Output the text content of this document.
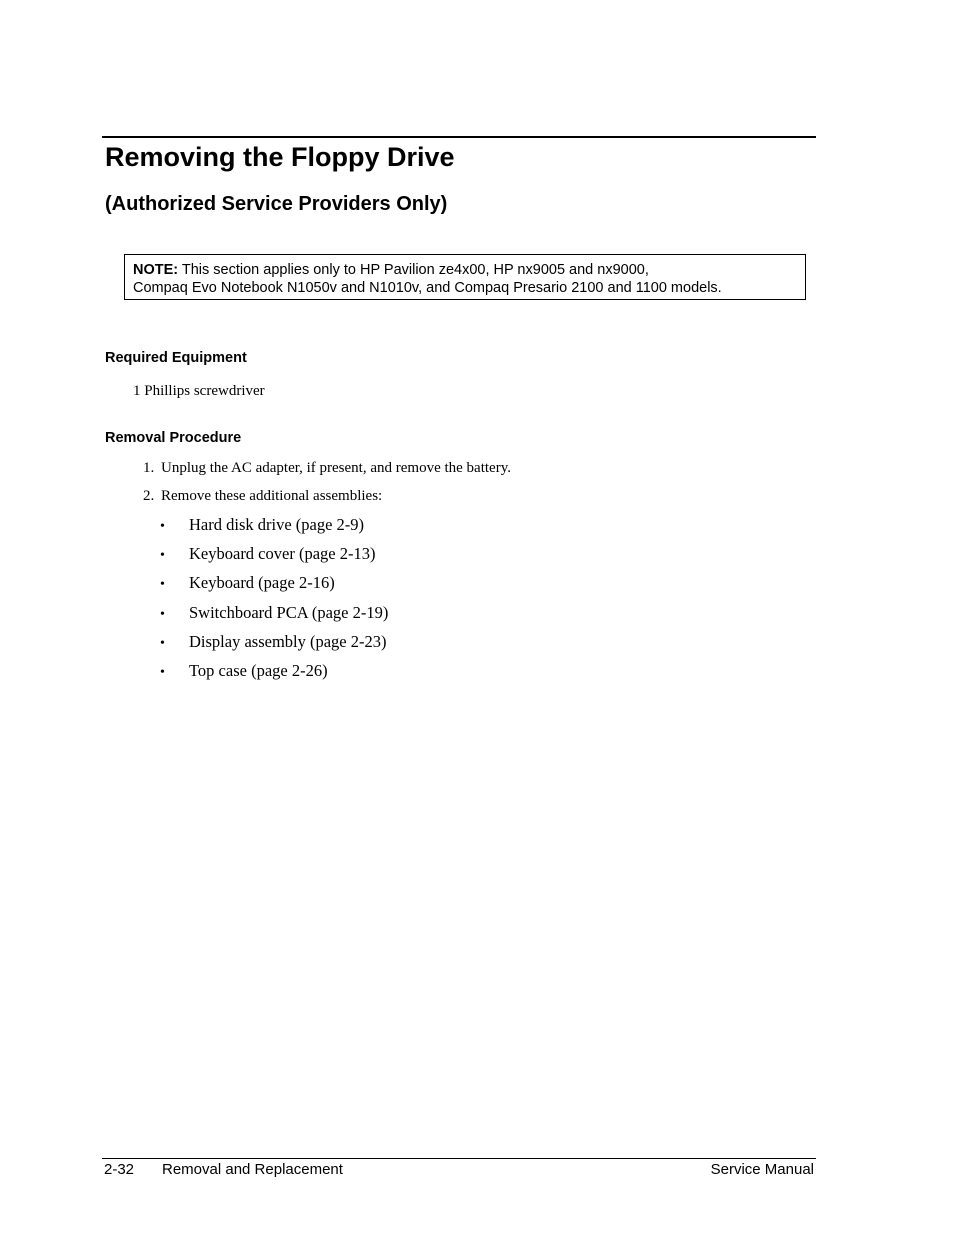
Removing the Floppy Drive
(Authorized Service Providers Only)
NOTE: This section applies only to HP Pavilion ze4x00, HP nx9005 and nx9000,
Compaq Evo Notebook N1050v and N1010v, and Compaq Presario 2100 and 1100 models.
Required Equipment
1 Phillips screwdriver
Removal Procedure
1. Unplug the AC adapter, if present, and remove the battery.
2. Remove these additional assemblies:
• Hard disk drive (page 2-9)
• Keyboard cover (page 2-13)
• Keyboard (page 2-16)
• Switchboard PCA (page 2-19)
• Display assembly (page 2-23)
• Top case (page 2-26)
2-32 Removal and Replacement	Service Manual
